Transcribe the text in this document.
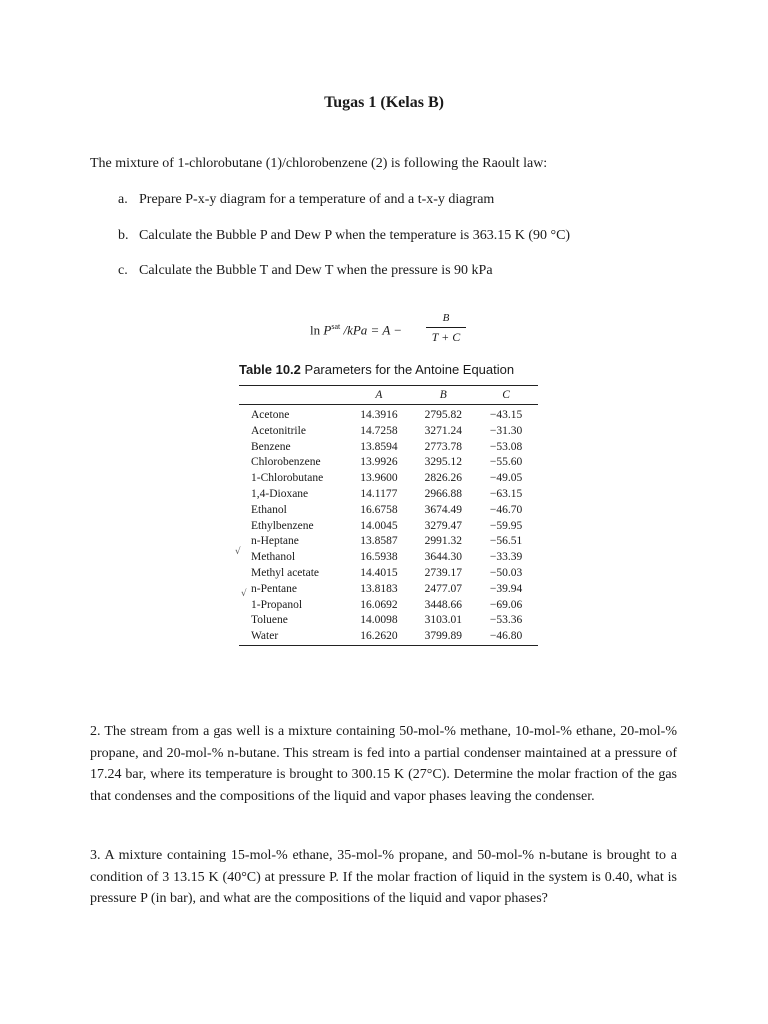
Tugas 1 (Kelas B)
The mixture of 1-chlorobutane (1)/chlorobenzene (2) is following the Raoult law:
a. Prepare P-x-y diagram for a temperature of and a t-x-y diagram
b. Calculate the Bubble P and Dew P when the temperature is 363.15 K (90 °C)
c. Calculate the Bubble T and Dew T when the pressure is 90 kPa
$\ln P^{sat}$ /kPa = A −
B
T + C
Table 10.2 Parameters for the Antoine Equation
	A	B	C
Acetone	14.3916	2795.82	−43.15
Acetonitrile	14.7258	3271.24	−31.30
Benzene	13.8594	2773.78	−53.08
Chlorobenzene	13.9926	3295.12	−55.60
1-Chlorobutane	13.9600	2826.26	−49.05
1,4-Dioxane	14.1177	2966.88	−63.15
Ethanol	16.6758	3674.49	−46.70
Ethylbenzene	14.0045	3279.47	−59.95
n-Heptane	13.8587	2991.32	−56.51
Methanol	16.5938	3644.30	−33.39
Methyl acetate	14.4015	2739.17	−50.03
n-Pentane	13.8183	2477.07	−39.94
1-Propanol	16.0692	3448.66	−69.06
Toluene	14.0098	3103.01	−53.36
Water	16.2620	3799.89	−46.80
√
√

2. The stream from a gas well is a mixture containing 50-mol-% methane, 10-mol-% ethane, 20-mol-% propane, and 20-mol-% n-butane. This stream is fed into a partial condenser maintained at a pressure of 17.24 bar, where its temperature is brought to 300.15 K (27°C). Determine the molar fraction of the gas that condenses and the compositions of the liquid and vapor phases leaving the condenser.

3. A mixture containing 15-mol-% ethane, 35-mol-% propane, and 50-mol-% n-butane is brought to a condition of 3 13.15 K (40°C) at pressure P. If the molar fraction of liquid in the system is 0.40, what is pressure P (in bar), and what are the compositions of the liquid and vapor phases?
